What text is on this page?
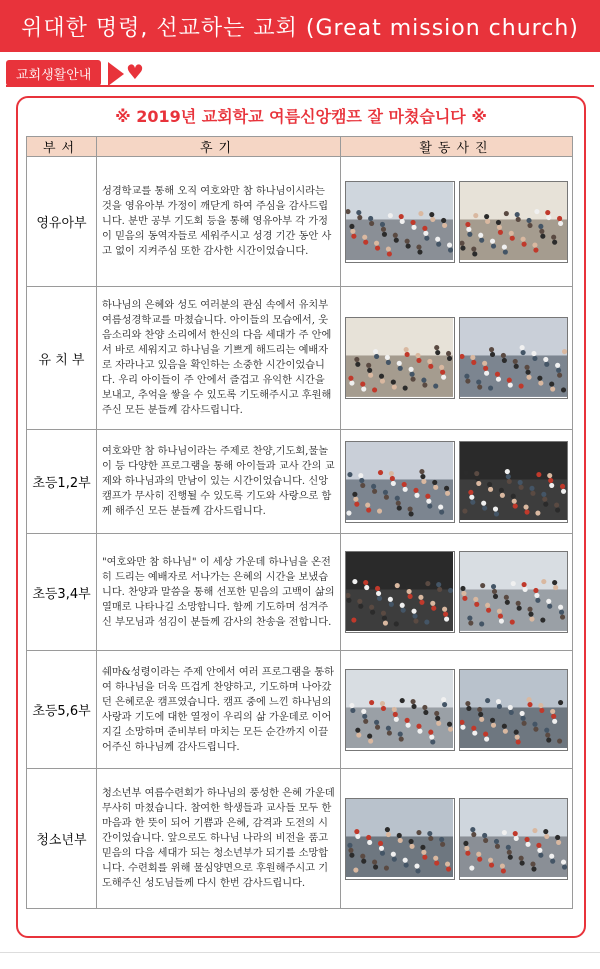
위대한 명령, 선교하는 교회 (Great mission church)
교회생활안내 ♥
※ 2019년 교회학교 여름신앙캠프 잘 마쳤습니다 ※
부서	후기	활동사진
영유아부	성경학교를 통해 오직 여호와만 참 하나님이시라는 것을 영유아부 가정이 깨닫게 하여 주심을 감사드립니다. 분반 공부 기도회 등을 통해 영유아부 각 가정이 믿음의 동역자들로 세워주시고 성경 기간 동안 사고 없이 지켜주심 또한 감사한 시간이었습니다.	

유 치 부	하나님의 은혜와 성도 여러분의 관심 속에서 유치부 여름성경학교를 마쳤습니다. 아이들의 모습에서, 웃음소리와 찬양 소리에서 한신의 다음 세대가 주 안에서 바로 세워지고 하나님을 기쁘게 해드리는 예배자로 자라나고 있음을 확인하는 소중한 시간이었습니다. 우리 아이들이 주 안에서 즐겁고 유익한 시간을 보내고, 추억을 쌓을 수 있도록 기도해주시고 후원해주신 모든 분들께 감사드립니다.	

초등1,2부	여호와만 참 하나님이라는 주제로 찬양,기도회,물놀이 등 다양한 프로그램을 통해 아이들과 교사 간의 교제와 하나님과의 만남이 있는 시간이었습니다. 신앙캠프가 무사히 진행될 수 있도록 기도와 사랑으로 함께 해주신 모든 분들께 감사드립니다.	

초등3,4부	"여호와만 참 하나님" 이 세상 가운데 하나님을 온전히 드리는 예배자로 서나가는 은혜의 시간을 보냈습니다. 찬양과 말씀을 통해 선포한 믿음의 고백이 삶의 열매로 나타나길 소망합니다. 함께 기도하며 섬겨주신 부모님과 섬김이 분들께 감사의 찬송을 전합니다.	

초등5,6부	쉐마&성령이라는 주제 안에서 여러 프로그램을 통하여 하나님을 더욱 뜨겁게 찬양하고, 기도하며 나아갔던 은혜로운 캠프였습니다. 캠프 중에 느낀 하나님의 사랑과 기도에 대한 열정이 우리의 삶 가운데로 이어지길 소망하며 준비부터 마치는 모든 순간까지 이끌어주신 하나님께 감사드립니다.	

청소년부	청소년부 여름수련회가 하나님의 풍성한 은혜 가운데 무사히 마쳤습니다. 참여한 학생들과 교사들 모두 한 마음과 한 뜻이 되어 기쁨과 은혜, 감격과 도전의 시간이었습니다. 앞으로도 하나님 나라의 비전을 품고 믿음의 다음 세대가 되는 청소년부가 되기를 소망합니다. 수련회를 위해 물심양면으로 후원해주시고 기도해주신 성도님들께 다시 한번 감사드립니다.	
